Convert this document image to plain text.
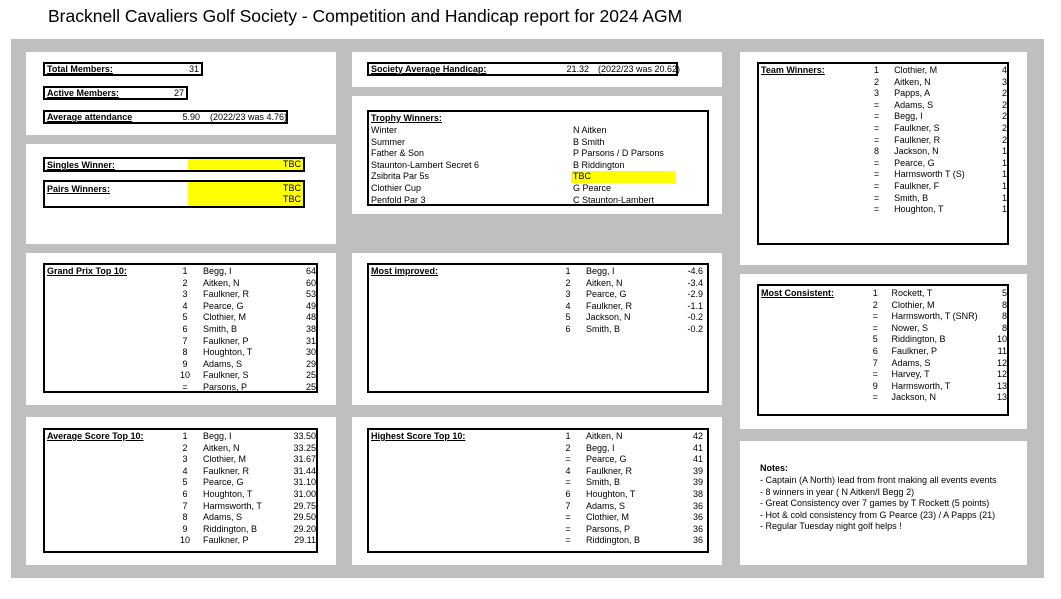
Bracknell Cavaliers Golf Society - Competition and Handicap report for 2024 AGM
Total Members:	31
Active Members:	27
Average attendance	5.90 (2022/23 was 4.76)
Singles Winner:	TBC
Pairs Winners:	TBC
TBC
Society Average Handicap:	21.32 (2022/23 was 20.62)
Trophy Winners:
Winter	N Aitken
Summer	B Smith
Father & Son	P Parsons / D Parsons
Staunton-Lambert Secret 6	B Riddington
Zsibrita Par 5s	TBC
Clothier Cup	G Pearce
Penfold Par 3	C Staunton-Lambert
Team Winners:	1	Clothier, M	4
2	Aitken, N	3
3	Papps, A	2
=	Adams, S	2
=	Begg, I	2
=	Faulkner, S	2
=	Faulkner, R	2
8	Jackson, N	1
=	Pearce, G	1
=	Harmsworth T (S)	1
=	Faulkner, F	1
=	Smith, B	1
=	Houghton, T	1
Grand Prix Top 10:	1	Begg, I	64
2	Aitken, N	60
3	Faulkner, R	53
4	Pearce, G	49
5	Clothier, M	48
6	Smith, B	38
7	Faulkner, P	31
8	Houghton, T	30
9	Adams, S	29
10	Faulkner, S	25
=	Parsons, P	25
Most improved:	1	Begg, I	-4.6
2	Aitken, N	-3.4
3	Pearce, G	-2.9
4	Faulkner, R	-1.1
5	Jackson, N	-0.2
6	Smith, B	-0.2
Most Consistent:	1	Rockett, T	5
2	Clothier, M	8
=	Harmsworth, T (SNR)	8
=	Nower, S	8
5	Riddington, B	10
6	Faulkner, P	11
7	Adams, S	12
=	Harvey, T	12
9	Harmsworth, T	13
=	Jackson, N	13
Average Score Top 10:	1	Begg, I	33.50
2	Aitken, N	33.25
3	Clothier, M	31.67
4	Faulkner, R	31.44
5	Pearce, G	31.10
6	Houghton, T	31.00
7	Harmsworth, T	29.75
8	Adams, S	29.50
9	Riddington, B	29.20
10	Faulkner, P	29.11
Highest Score Top 10:	1	Aitken, N	42
2	Begg, I	41
=	Pearce, G	41
4	Faulkner, R	39
=	Smith, B	39
6	Houghton, T	38
7	Adams, S	36
=	Clothier, M	36
=	Parsons, P	36
=	Riddington, B	36
Notes:
- Captain (A North) lead from front making all events events
- 8 winners in year ( N Aitken/I Begg 2)
- Great Consistency over 7 games by T Rockett (5 points)
- Hot & cold consistency from G Pearce (23) / A Papps (21)
- Regular Tuesday night golf helps !
